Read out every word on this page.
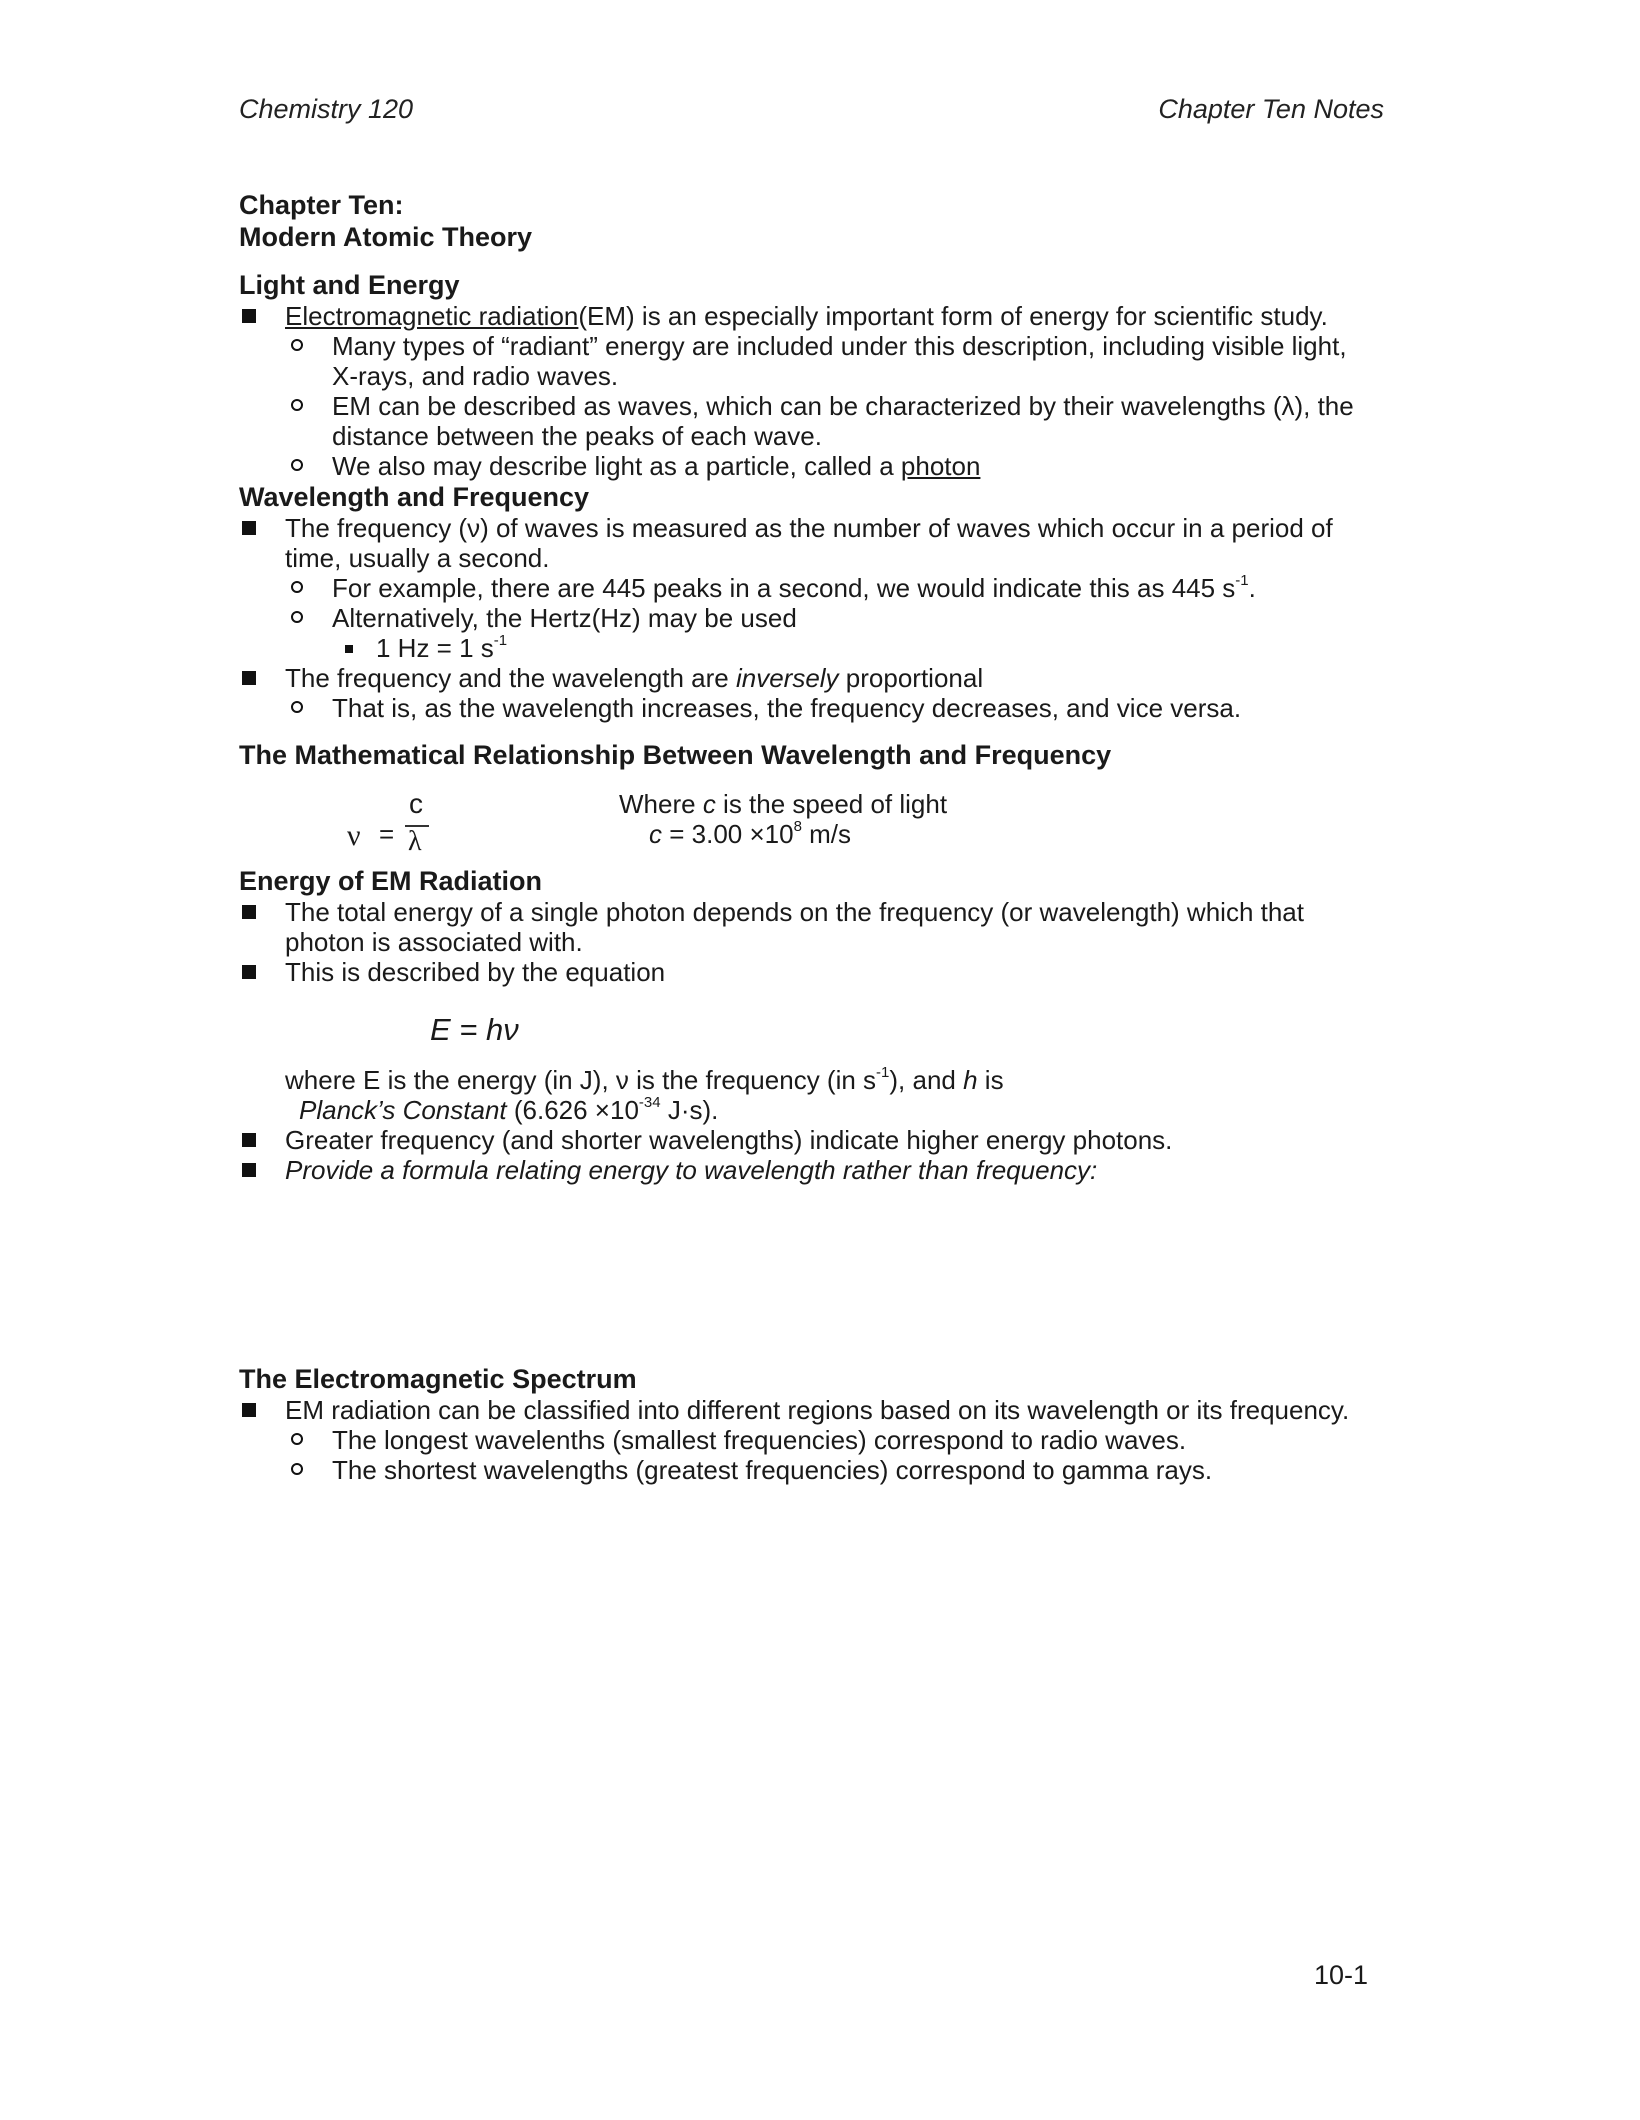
Chemistry 120	Chapter Ten Notes
Chapter Ten:
Modern Atomic Theory
Light and Energy
Electromagnetic radiation(EM) is an especially important form of energy for scientific study.
Many types of “radiant” energy are included under this description, including visible light,
X-rays, and radio waves.
EM can be described as waves, which can be characterized by their wavelengths (λ), the
distance between the peaks of each wave.
We also may describe light as a particle, called a photon
Wavelength and Frequency
The frequency (ν) of waves is measured as the number of waves which occur in a period of
time, usually a second.
For example, there are 445 peaks in a second, we would indicate this as 445 $s^{-1}$.
Alternatively, the Hertz(Hz) may be used
1 Hz = 1 $s^{-1}$
The frequency and the wavelength are inversely proportional
That is, as the wavelength increases, the frequency decreases, and vice versa.
The Mathematical Relationship Between Wavelength and Frequency
ν =
c
λ
Where c is the speed of light
$c = 3.00 \times 10^8$ m/s
Energy of EM Radiation
The total energy of a single photon depends on the frequency (or wavelength) which that
photon is associated with.
This is described by the equation
E = hν
where E is the energy (in J), ν is the frequency (in $s^{-1}$), and h is
Planck’s Constant ($6.626 \times 10^{-34}$ J·s).
Greater frequency (and shorter wavelengths) indicate higher energy photons.
Provide a formula relating energy to wavelength rather than frequency:
The Electromagnetic Spectrum
EM radiation can be classified into different regions based on its wavelength or its frequency.
The longest wavelenths (smallest frequencies) correspond to radio waves.
The shortest wavelengths (greatest frequencies) correspond to gamma rays.
10-1
